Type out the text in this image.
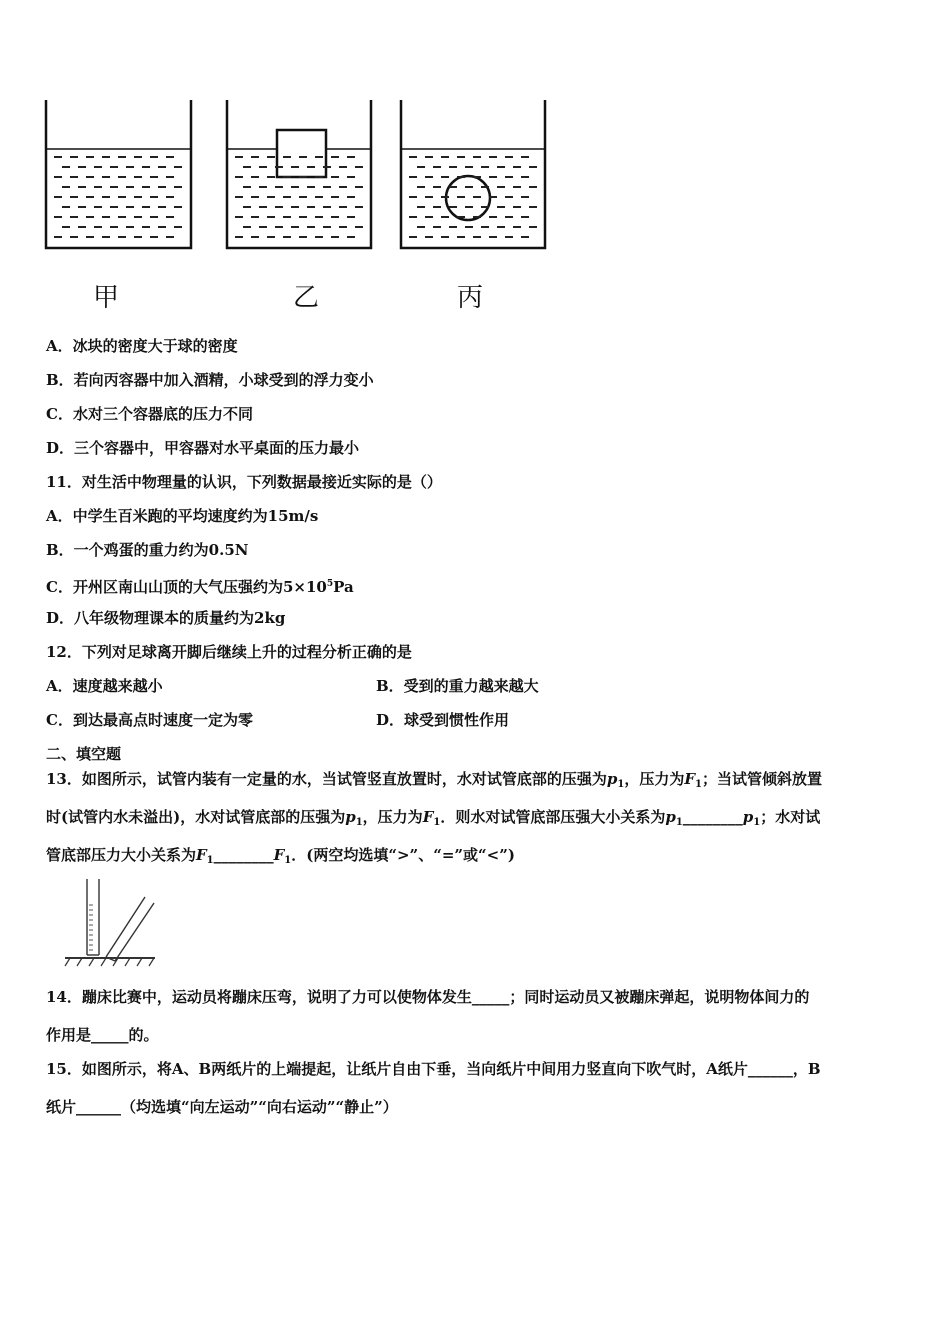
甲	乙	丙
A．冰块的密度大于球的密度
B．若向丙容器中加入酒精，小球受到的浮力变小
C．水对三个容器底的压力不同
D．三个容器中，甲容器对水平桌面的压力最小
11．对生活中物理量的认识，下列数据最接近实际的是（）
A．中学生百米跑的平均速度约为15m/s
B．一个鸡蛋的重力约为0.5N
C．开州区南山山顶的大气压强约为$5\times 10^5Pa$
D．八年级物理课本的质量约为2kg
12．下列对足球离开脚后继续上升的过程分析正确的是
A．速度越来越小	B．受到的重力越来越大
C．到达最高点时速度一定为零	D．球受到惯性作用
二、填空题
13．如图所示，试管内装有一定量的水，当试管竖直放置时，水对试管底部的压强为$p_1$，压力为$F_1$；当试管倾斜放置
时(试管内水未溢出)，水对试管底部的压强为$p_1$，压力为$F_1$．则水对试管底部压强大小关系为$p_1\_\_\_\_\_\_\_\_p_1$；水对试
管底部压力大小关系为$F_1\_\_\_\_\_\_\_\_F_1$．(两空均选填“>”、“=”或“<”)
14．蹦床比赛中，运动员将蹦床压弯，说明了力可以使物体发生_____；同时运动员又被蹦床弹起，说明物体间力的
作用是_____的。
15．如图所示，将A、B两纸片的上端提起，让纸片自由下垂，当向纸片中间用力竖直向下吹气时，A纸片______，B
纸片______（均选填“向左运动”“向右运动”“静止”）
